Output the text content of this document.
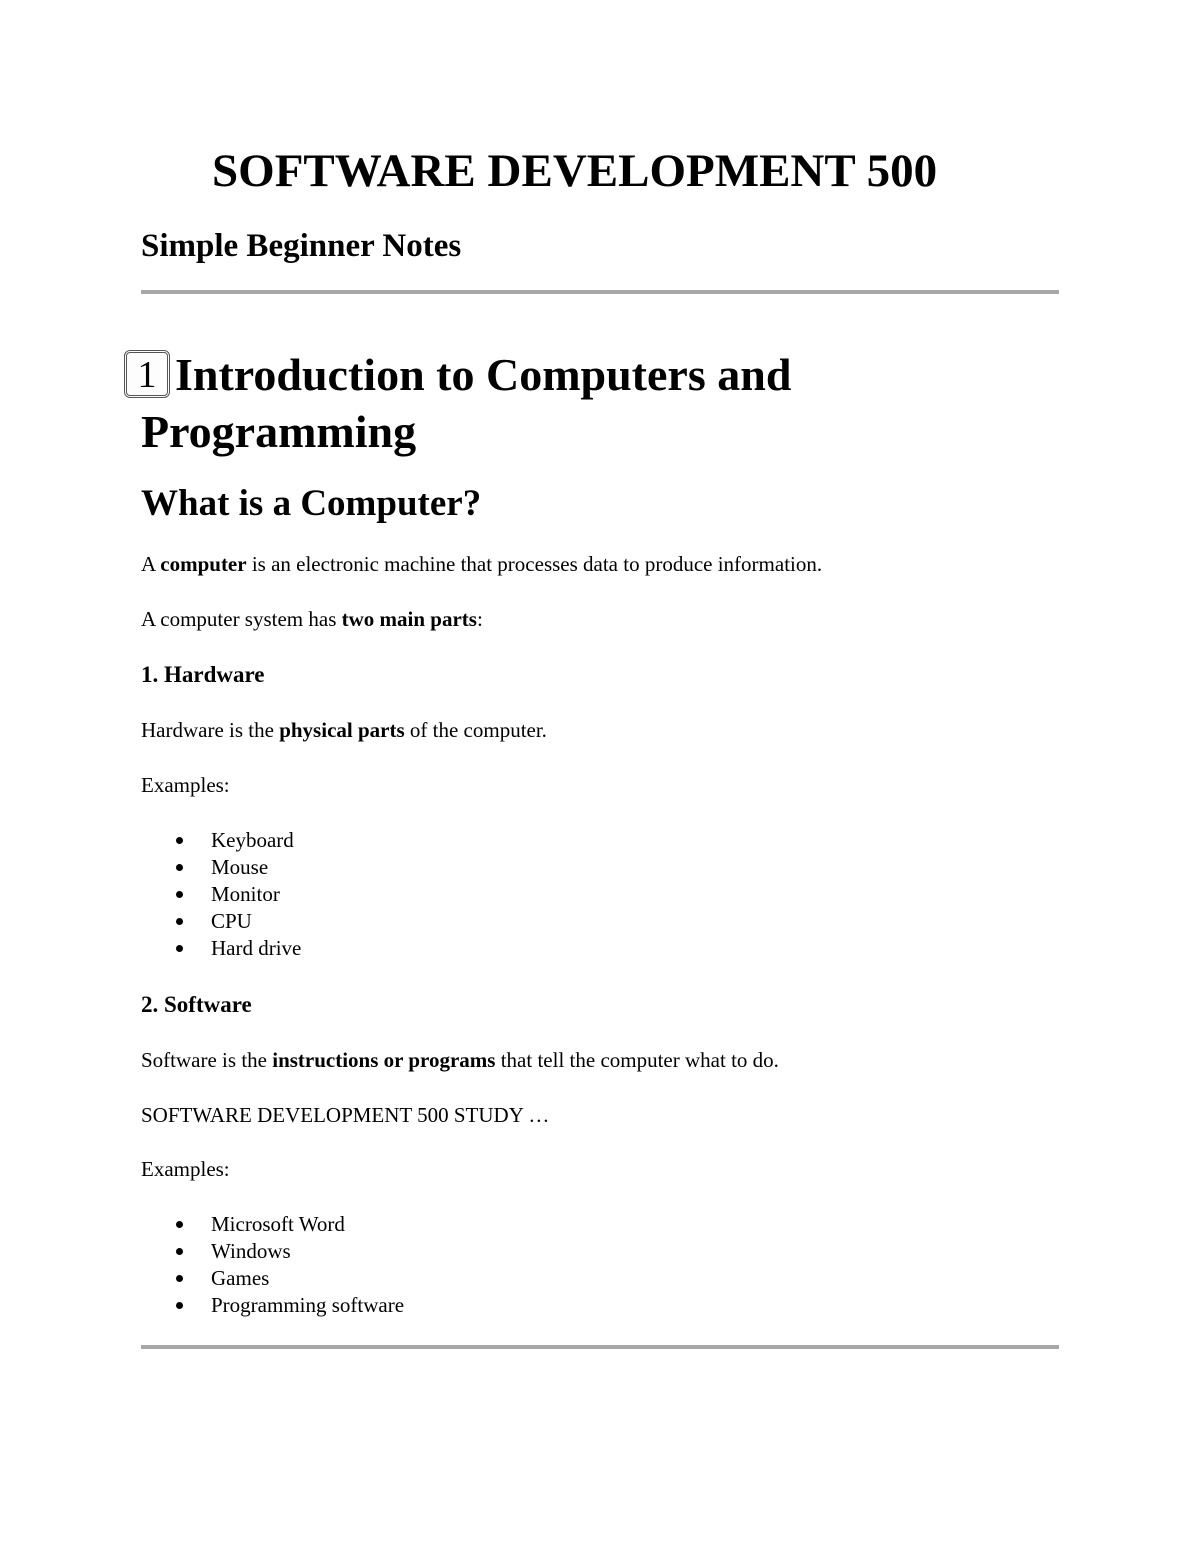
SOFTWARE DEVELOPMENT 500
Simple Beginner Notes
1 Introduction to Computers and
Programming
What is a Computer?

A computer is an electronic machine that processes data to produce information.

A computer system has two main parts:

1. Hardware

Hardware is the physical parts of the computer.

Examples:

Keyboard
Mouse
Monitor
CPU
Hard drive
2. Software

Software is the instructions or programs that tell the computer what to do.

SOFTWARE DEVELOPMENT 500 STUDY …

Examples:

Microsoft Word
Windows
Games
Programming software
